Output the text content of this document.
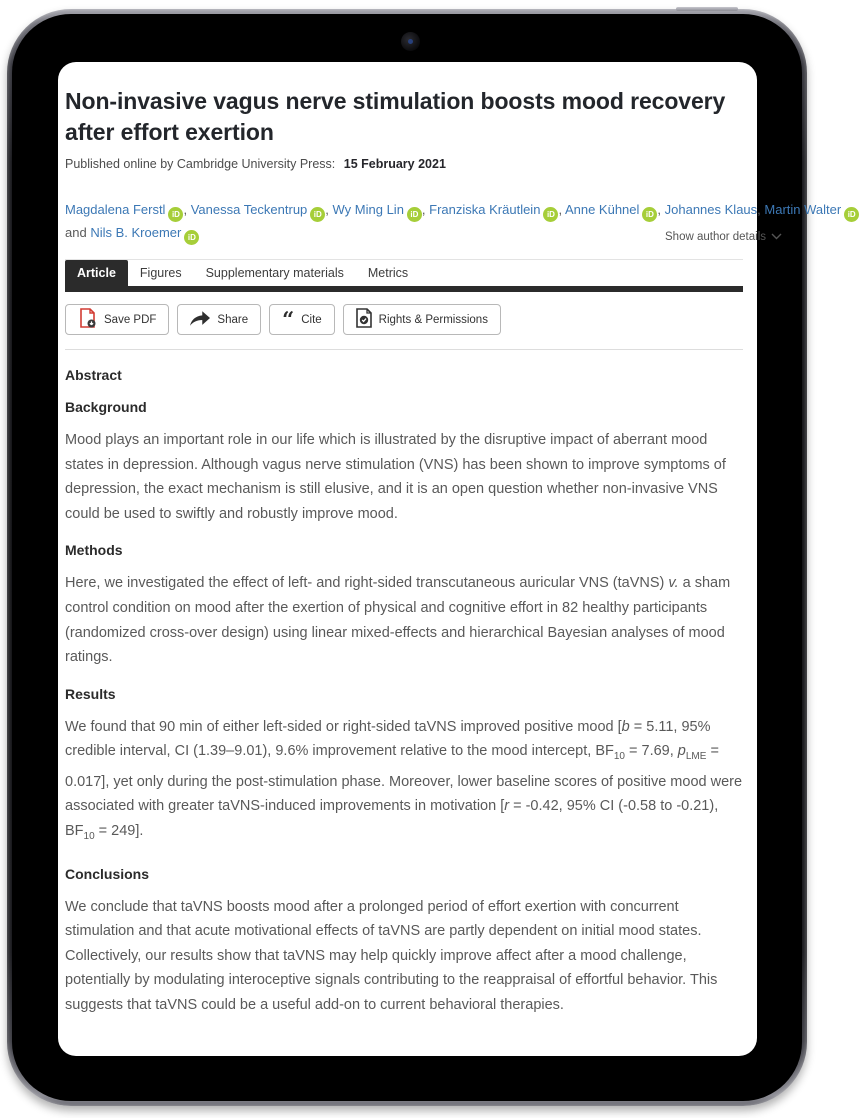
Non-invasive vagus nerve stimulation boosts mood recovery after effort exertion

Published online by Cambridge University Press: 15 February 2021

Magdalena Ferstl iD , Vanessa Teckentrup iD , Wy Ming Lin iD , Franziska Kräutlein iD , Anne Kühnel iD , Johannes Klaus, Martin Walter iD and Nils B. Kroemer iD	Show author details
Article	Figures	Supplementary materials	Metrics
Save PDF	Share “ Cite	Rights & Permissions
Abstract
Background

Mood plays an important role in our life which is illustrated by the disruptive impact of aberrant mood states in depression. Although vagus nerve stimulation (VNS) has been shown to improve symptoms of depression, the exact mechanism is still elusive, and it is an open question whether non-invasive VNS could be used to swiftly and robustly improve mood.

Methods

Here, we investigated the effect of left- and right-sided transcutaneous auricular VNS (taVNS) v. a sham control condition on mood after the exertion of physical and cognitive effort in 82 healthy participants (randomized cross-over design) using linear mixed-effects and hierarchical Bayesian analyses of mood ratings.

Results

We found that 90 min of either left-sided or right-sided taVNS improved positive mood [b = 5.11, 95% credible interval, CI (1.39–9.01), 9.6% improvement relative to the mood intercept, $BF_{10} = 7.69$, $p_{LME} = 0.017$], yet only during the post-stimulation phase. Moreover, lower baseline scores of positive mood were associated with greater taVNS-induced improvements in motivation [r = -0.42, 95% CI (-0.58 to -0.21), $BF_{10} = 249$].

Conclusions

We conclude that taVNS boosts mood after a prolonged period of effort exertion with concurrent stimulation and that acute motivational effects of taVNS are partly dependent on initial mood states. Collectively, our results show that taVNS may help quickly improve affect after a mood challenge, potentially by modulating interoceptive signals contributing to the reappraisal of effortful behavior. This suggests that taVNS could be a useful add-on to current behavioral therapies.
